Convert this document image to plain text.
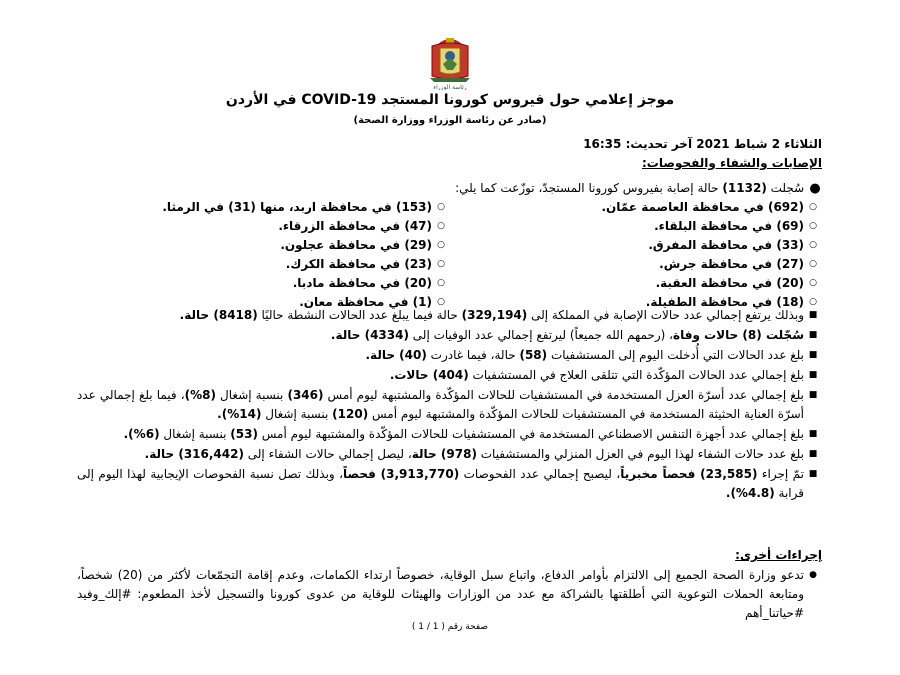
رئاسة الوزراء
موجز إعلامي حول فيروس كورونا المستجد COVID-19 في الأردن
(صادر عن رئاسة الوزراء ووزارة الصحة)
الثلاثاء 2 شباط 2021 آخر تحديث: 16:35
الإصابات والشفاء والفحوصات:
● سُجلت (1132) حالة إصابة بفيروس كورونا المستجدّ، توزّعت كما يلي:
○
(692) في محافظة العاصمة عمّان.
○
(153) في محافظة اربد، منها (31) في الرمثا.
○
(69) في محافظة البلقاء.
○
(47) في محافظة الزرقاء.
○
(33) في محافظة المفرق.
○
(29) في محافظة عجلون.
○
(27) في محافظة جرش.
○
(23) في محافظة الكرك.
○
(20) في محافظة العقبة.
○
(20) في محافظة مادبا.
○
(18) في محافظة الطفيلة.
○
(1) في محافظة معان.
■
وبذلك يرتفع إجمالي عدد حالات الإصابة في المملكة إلى (329,194) حالة فيما يبلغ عدد الحالات النشطة حاليًا (8418) حالة.
■
سُجّلت (8) حالات وفاة، (رحمهم الله جميعاً) ليرتفع إجمالي عدد الوفيات إلى (4334) حالة.
■
بلغ عدد الحالات التي أُدخلت اليوم إلى المستشفيات (58) حالة، فيما غادرت (40) حالة.
■
بلغ إجمالي عدد الحالات المؤكّدة التي تتلقى العلاج في المستشفيات (404) حالات.
■
بلغ إجمالي عدد أسرّة العزل المستخدمة في المستشفيات للحالات المؤكّدة والمشتبهة ليوم أمس (346) بنسبة إشغال (8%)، فيما بلغ إجمالي عدد أسرّة العناية الحثيثة المستخدمة في المستشفيات للحالات المؤكّدة والمشتبهة ليوم أمس (120) بنسبة إشغال (14%).
■
بلغ إجمالي عدد أجهزة التنفس الاصطناعي المستخدمة في المستشفيات للحالات المؤكّدة والمشتبهة ليوم أمس (53) بنسبة إشغال (6%).
■
بلغ عدد حالات الشفاء لهذا اليوم في العزل المنزلي والمستشفيات (978) حالة، ليصل إجمالي حالات الشفاء إلى (316,442) حالة.
■
تمّ إجراء (23,585) فحصاً مخبرياً، ليصبح إجمالي عدد الفحوصات (3,913,770) فحصاً، وبذلك تصل نسبة الفحوصات الإيجابية لهذا اليوم إلى قرابة (4.8%).
إجراءات أخرى:
●
تدعو وزارة الصحة الجميع إلى الالتزام بأوامر الدفاع، واتباع سبل الوقاية، خصوصاً ارتداء الكمامات، وعدم إقامة التجمّعات لأكثر من (20) شخصاً، ومتابعة الحملات التوعوية التي أطلقتها بالشراكة مع عدد من الوزارات والهيئات للوقاية من عدوى كورونا والتسجيل لأخذ المطعوم: #إلك_وفيد #حياتنا_أهم
صفحة رقم ( 1 / 1 )
